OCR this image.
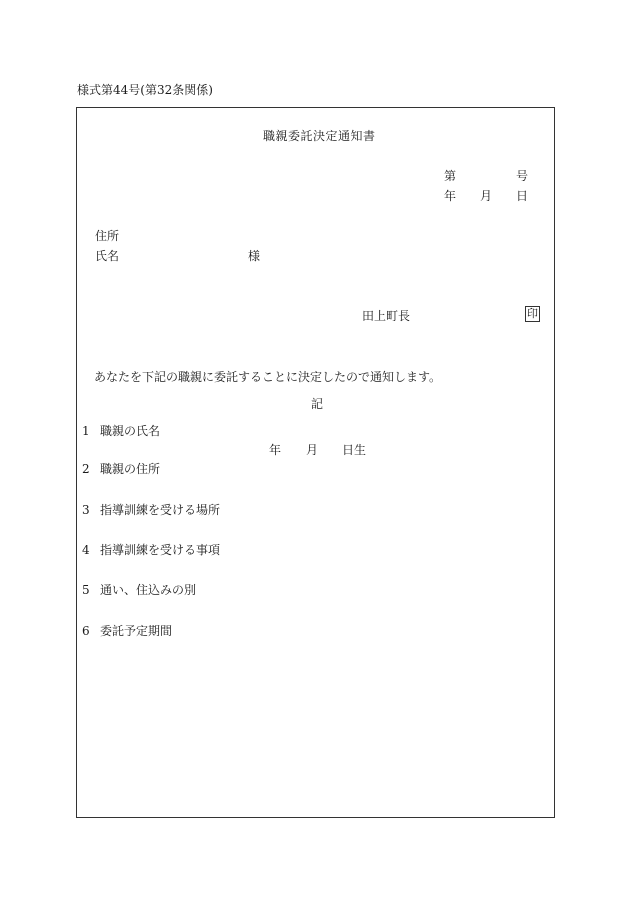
様式第44号(第32条関係)
職親委託決定通知書
第	号
年 月 日
住所
氏名	様
田上町長	印
あなたを下記の職親に委託することに決定したので通知します。
記
1 職親の氏名
年 月 日生
2 職親の住所
3 指導訓練を受ける場所
4 指導訓練を受ける事項
5 通い、住込みの別
6 委託予定期間
